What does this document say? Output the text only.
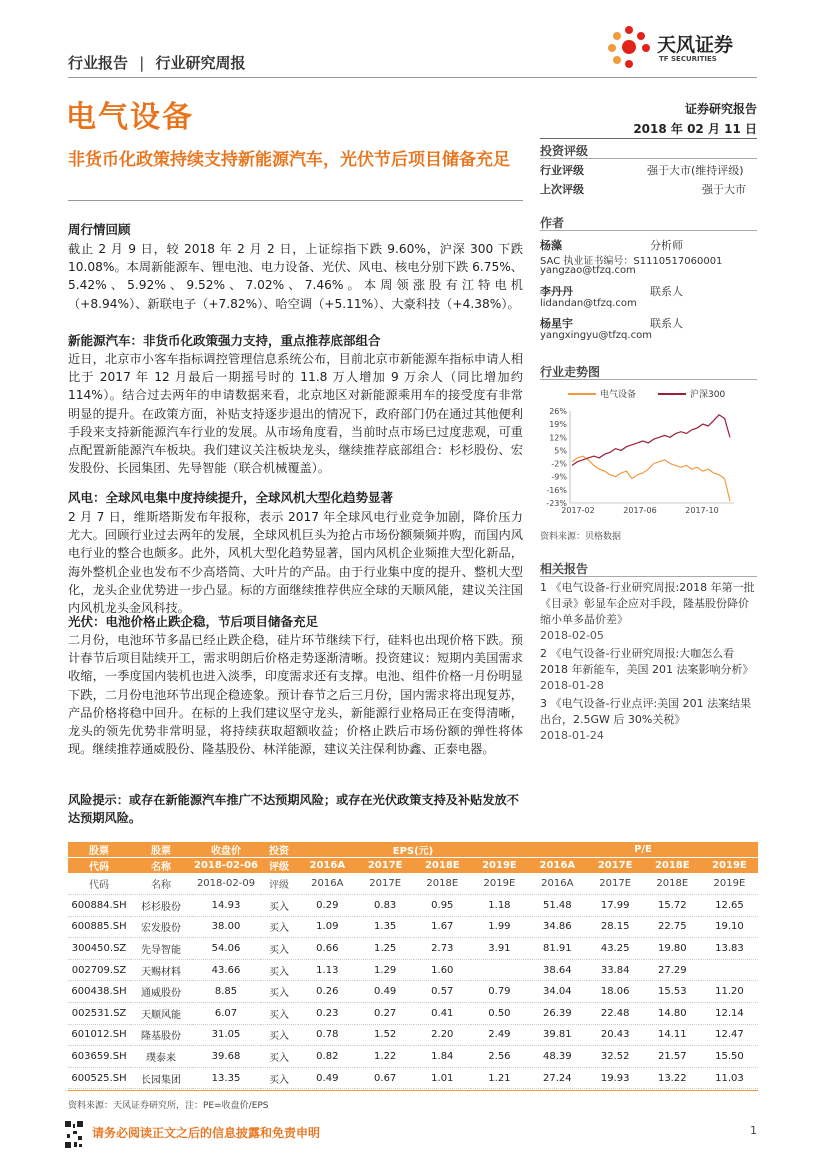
行业报告 | 行业研究周报
天风证券
TF SECURITIES
电气设备	证券研究报告
2018 年 02 月 11 日
非货币化政策持续支持新能源汽车，光伏节后项目储备充足	投资评级
行业评级	强于大市(维持评级)
上次评级	强于大市
作者
杨藻	分析师
SAC 执业证书编号：S1110517060001
yangzao@tfzq.com
李丹丹	联系人
lidandan@tfzq.com
杨星宇	联系人
yangxingyu@tfzq.com
行业走势图
电气设备	沪深300
26%
19%
12%
5%
-2%
-9%
-16%
-23%
2017-02	2017-06	2017-10
资料来源：贝格数据
相关报告
1 《电气设备-行业研究周报:2018 年第一批《目录》彰显车企应对手段，隆基股份降价缩小单多晶价差》
2018-02-05
2 《电气设备-行业研究周报:大咖怎么看 2018 年新能车，美国 201 法案影响分析》
2018-01-28
3 《电气设备-行业点评:美国 201 法案结果出台，2.5GW 后 30%关税》
2018-01-24
周行情回顾
截止 2 月 9 日，较 2018 年 2 月 2 日，上证综指下跌 9.60%，沪深 300 下跌 10.08%。本周新能源车、锂电池、电力设备、光伏、风电、核电分别下跌 6.75%、5.42%、5.92%、9.52%、7.02%、7.46%。本周领涨股有江特电机（+8.94%）、新联电子（+7.82%）、哈空调（+5.11%）、大豪科技（+4.38%）。
新能源汽车：非货币化政策强力支持，重点推荐底部组合
近日，北京市小客车指标调控管理信息系统公布，目前北京市新能源车指标申请人相比于 2017 年 12 月最后一期摇号时的 11.8 万人增加 9 万余人（同比增加约 114%）。结合过去两年的申请数据来看，北京地区对新能源乘用车的接受度有非常明显的提升。在政策方面，补贴支持逐步退出的情况下，政府部门仍在通过其他便利手段来支持新能源汽车行业的发展。从市场角度看，当前时点市场已过度悲观，可重点配置新能源汽车板块。我们建议关注板块龙头，继续推荐底部组合：杉杉股份、宏发股份、长园集团、先导智能（联合机械覆盖）。
风电：全球风电集中度持续提升，全球风机大型化趋势显著
2 月 7 日，维斯塔斯发布年报称，表示 2017 年全球风电行业竞争加剧，降价压力尤大。回顾行业过去两年的发展，全球风机巨头为抢占市场份额频频并购，而国内风电行业的整合也颇多。此外，风机大型化趋势显著，国内风机企业频推大型化新品，海外整机企业也发布不少高塔筒、大叶片的产品。由于行业集中度的提升、整机大型化，龙头企业优势进一步凸显。标的方面继续推荐供应全球的天顺风能，建议关注国内风机龙头金风科技。
光伏：电池价格止跌企稳，节后项目储备充足
二月份，电池环节多晶已经止跌企稳，硅片环节继续下行，硅料也出现价格下跌。预计春节后项目陆续开工，需求明朗后价格走势逐渐清晰。投资建议：短期内美国需求收缩，一季度国内装机也进入淡季，印度需求还有支撑。电池、组件价格一月份明显下跌，二月份电池环节出现企稳迹象。预计春节之后三月份，国内需求将出现复苏，产品价格将稳中回升。在标的上我们建议坚守龙头，新能源行业格局正在变得清晰，龙头的领先优势非常明显，将持续获取超额收益；价格止跌后市场份额的弹性将体现。继续推荐通威股份、隆基股份、林洋能源，建议关注保利协鑫、正泰电器。
风险提示：或存在新能源汽车推广不达预期风险；或存在光伏政策支持及补贴发放不达预期风险。
股票	股票	收盘价	投资	EPS(元)				P/E			
代码	名称	2018-02-06	评级	2016A	2017E	2018E	2019E	2016A	2017E	2018E	2019E
代码	名称	2018-02-09	评级	2016A	2017E	2018E	2019E	2016A	2017E	2018E	2019E
600884.SH	杉杉股份	14.93	买入	0.29	0.83	0.95	1.18	51.48	17.99	15.72	12.65
600885.SH	宏发股份	38.00	买入	1.09	1.35	1.67	1.99	34.86	28.15	22.75	19.10
300450.SZ	先导智能	54.06	买入	0.66	1.25	2.73	3.91	81.91	43.25	19.80	13.83
002709.SZ	天赐材料	43.66	买入	1.13	1.29	1.60		38.64	33.84	27.29	
600438.SH	通威股份	8.85	买入	0.26	0.49	0.57	0.79	34.04	18.06	15.53	11.20
002531.SZ	天顺风能	6.07	买入	0.23	0.27	0.41	0.50	26.39	22.48	14.80	12.14
601012.SH	隆基股份	31.05	买入	0.78	1.52	2.20	2.49	39.81	20.43	14.11	12.47
603659.SH	璞泰来	39.68	买入	0.82	1.22	1.84	2.56	48.39	32.52	21.57	15.50
600525.SH	长园集团	13.35	买入	0.49	0.67	1.01	1.21	27.24	19.93	13.22	11.03
资料来源：天风证券研究所，注：PE=收盘价/EPS
请务必阅读正文之后的信息披露和免责申明	1
